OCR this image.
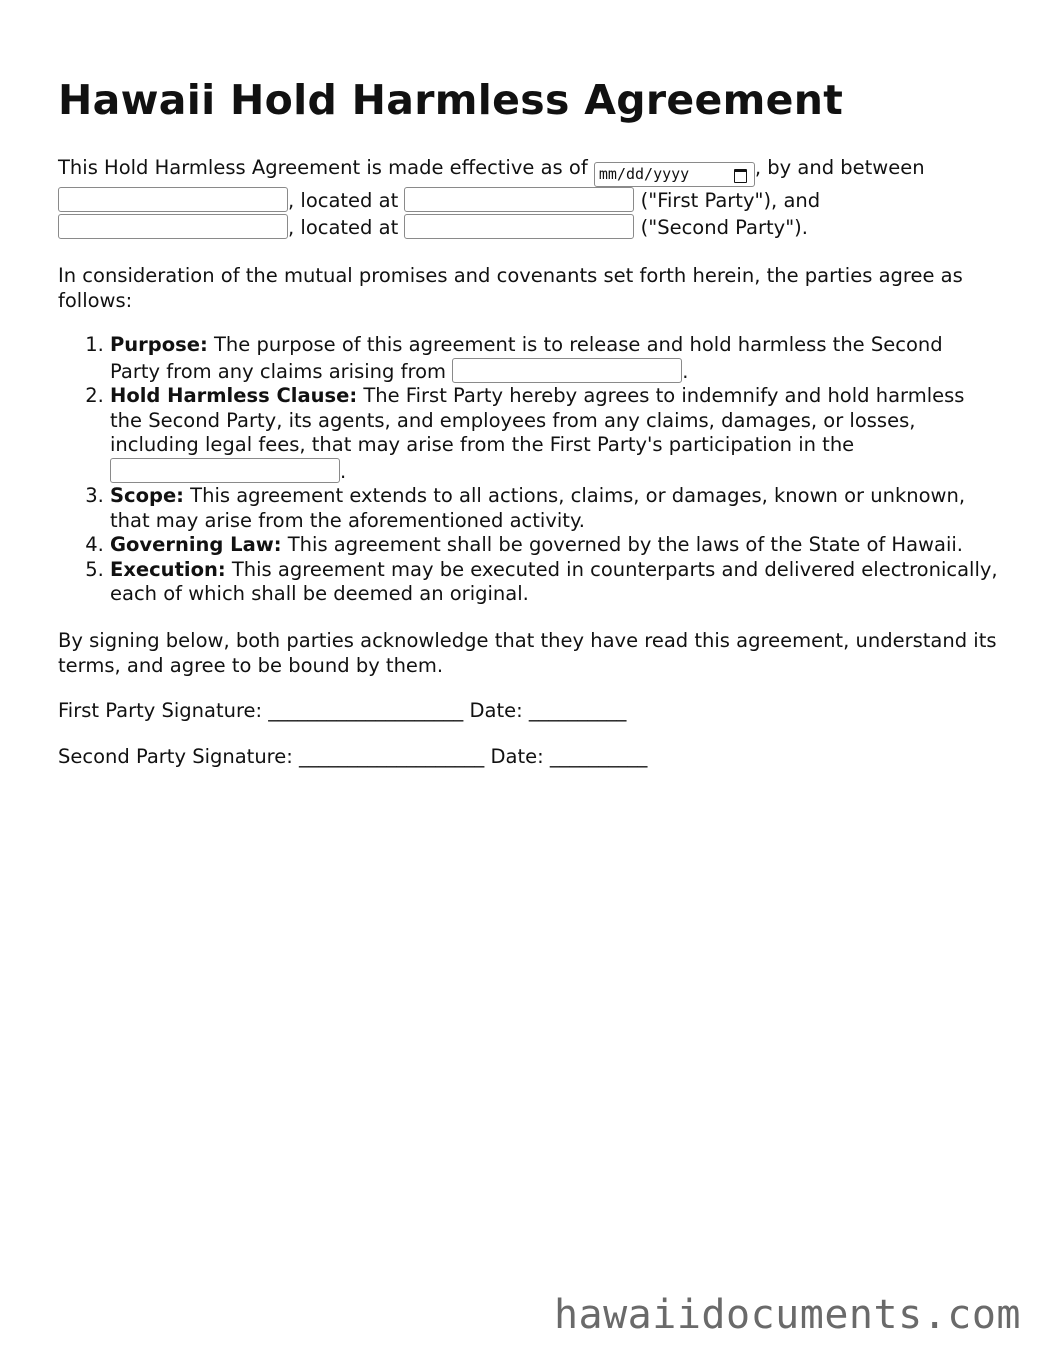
Hawaii Hold Harmless Agreement

This Hold Harmless Agreement is made effective as of mm/dd/yyyy	, by and between
, located at	("First Party"), and
, located at	("Second Party").

In consideration of the mutual promises and covenants set forth herein, the parties agree as follows:

1. Purpose: The purpose of this agreement is to release and hold harmless the Second Party from any claims arising from	.
2. Hold Harmless Clause: The First Party hereby agrees to indemnify and hold harmless the Second Party, its agents, and employees from any claims, damages, or losses, including legal fees, that may arise from the First Party's participation in the .
3. Scope: This agreement extends to all actions, claims, or damages, known or unknown, that may arise from the aforementioned activity.
4. Governing Law: This agreement shall be governed by the laws of the State of Hawaii.
5. Execution: This agreement may be executed in counterparts and delivered electronically, each of which shall be deemed an original.

By signing below, both parties acknowledge that they have read this agreement, understand its terms, and agree to be bound by them.

First Party Signature: ____________________ Date: __________

Second Party Signature: ___________________ Date: __________

hawaiidocuments.com
